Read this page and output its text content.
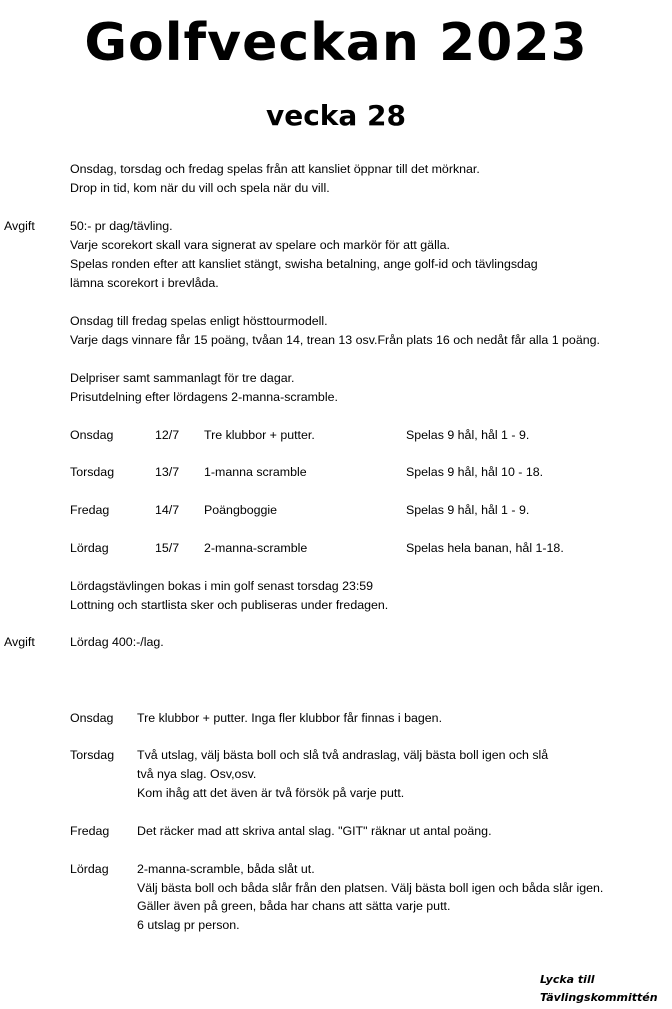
Golfveckan 2023
vecka 28
Onsdag, torsdag och fredag spelas från att kansliet öppnar till det mörknar.
Drop in tid, kom när du vill och spela när du vill.
Avgift	50:- pr dag/tävling.
Varje scorekort skall vara signerat av spelare och markör för att gälla.
Spelas ronden efter att kansliet stängt, swisha betalning, ange golf-id och tävlingsdag
lämna scorekort i brevlåda.
Onsdag till fredag spelas enligt hösttourmodell.
Varje dags vinnare får 15 poäng, tvåan 14, trean 13 osv.Från plats 16 och nedåt får alla 1 poäng.
Delpriser samt sammanlagt för tre dagar.
Prisutdelning efter lördagens 2-manna-scramble.
Onsdag	12/7 Tre klubbor + putter.	Spelas 9 hål, hål 1 - 9.
Torsdag	13/7 1-manna scramble	Spelas 9 hål, hål 10 - 18.
Fredag	14/7 Poängboggie	Spelas 9 hål, hål 1 - 9.
Lördag	15/7 2-manna-scramble	Spelas hela banan, hål 1-18.
Lördagstävlingen bokas i min golf senast torsdag 23:59
Lottning och startlista sker och publiseras under fredagen.
Avgift	Lördag 400:-/lag.
Onsdag Tre klubbor + putter. Inga fler klubbor får finnas i bagen.
Torsdag Två utslag, välj bästa boll och slå två andraslag, välj bästa boll igen och slå
två nya slag. Osv,osv.
Kom ihåg att det även är två försök på varje putt.
Fredag Det räcker mad att skriva antal slag. "GIT" räknar ut antal poäng.
Lördag 2-manna-scramble, båda slåt ut.
Välj bästa boll och båda slår från den platsen. Välj bästa boll igen och båda slår igen.
Gäller även på green, båda har chans att sätta varje putt.
6 utslag pr person.
Lycka till
Tävlingskommittén
